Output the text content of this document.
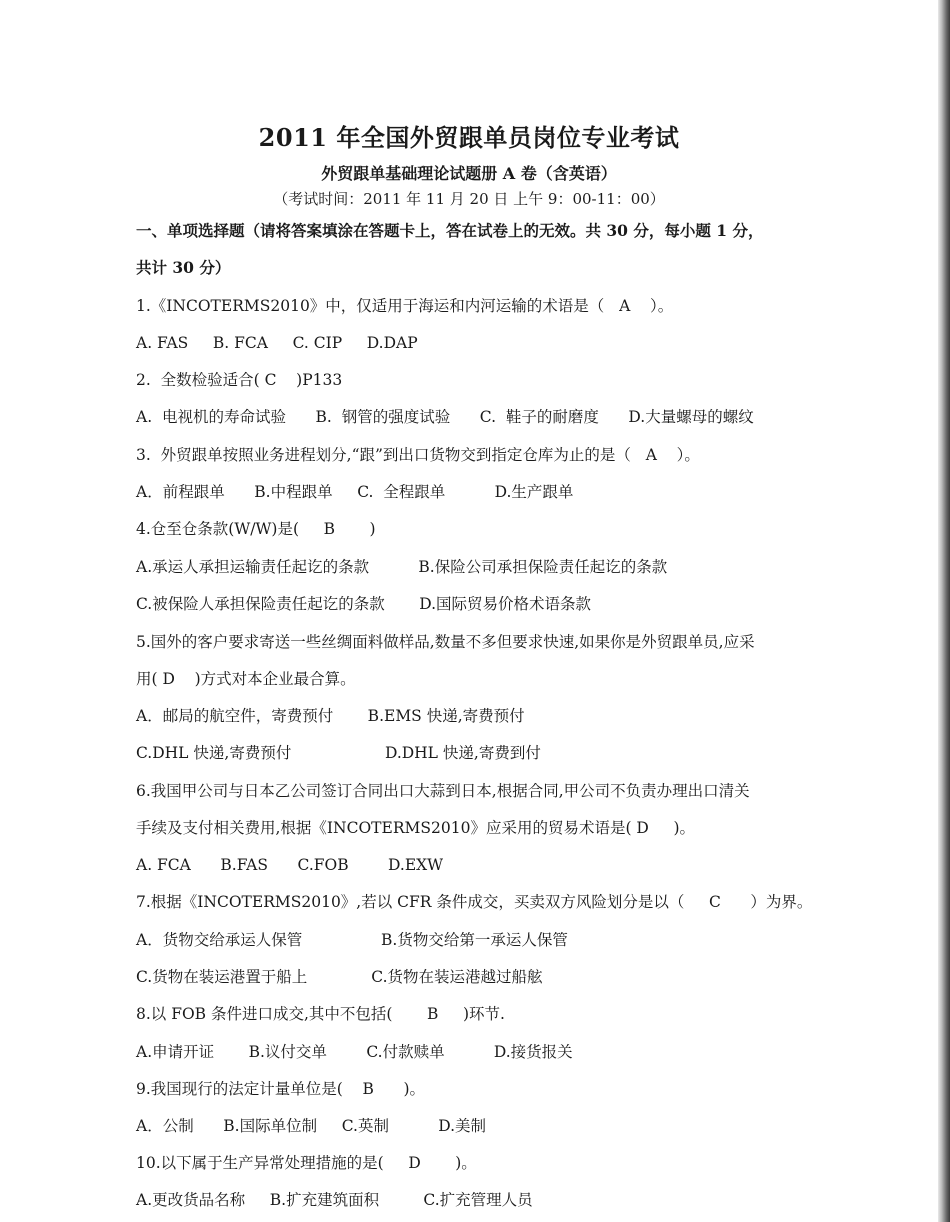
2011 年全国外贸跟单员岗位专业考试
外贸跟单基础理论试题册 A 卷（含英语）
（考试时间：2011 年 11 月 20 日 上午 9：00-11：00）
一、单项选择题（请将答案填涂在答题卡上，答在试卷上的无效。共 30 分，每小题 1 分，
共计 30 分）
1.《INCOTERMS2010》中，仅适用于海运和内河运输的术语是（   A    ）。
A. FAS     B. FCA     C. CIP     D.DAP
2.  全数检验适合( C    )P133
A.  电视机的寿命试验      B.  钢管的强度试验      C.  鞋子的耐磨度      D.大量螺母的螺纹
3.  外贸跟单按照业务进程划分,“跟”到出口货物交到指定仓库为止的是（   A    ）。
A．前程跟单      B.中程跟单     C.  全程跟单          D.生产跟单
4.仓至仓条款(W/W)是(     B       )
A.承运人承担运输责任起讫的条款          B.保险公司承担保险责任起讫的条款
C.被保险人承担保险责任起讫的条款       D.国际贸易价格术语条款
5.国外的客户要求寄送一些丝绸面料做样品,数量不多但要求快速,如果你是外贸跟单员,应采
用( D    )方式对本企业最合算。
A．邮局的航空件，寄费预付       B.EMS 快递,寄费预付
C.DHL 快递,寄费预付                   D.DHL 快递,寄费到付
6.我国甲公司与日本乙公司签订合同出口大蒜到日本,根据合同,甲公司不负责办理出口清关
手续及支付相关费用,根据《INCOTERMS2010》应采用的贸易术语是( D     )。
A. FCA      B.FAS      C.FOB        D.EXW
7.根据《INCOTERMS2010》,若以 CFR 条件成交，买卖双方风险划分是以（     C      ）为界。
A．货物交给承运人保管                B.货物交给第一承运人保管
C.货物在装运港置于船上             C.货物在装运港越过船舷
8.以 FOB 条件进口成交,其中不包括(       B     )环节.
A.申请开证       B.议付交单        C.付款赎单          D.接货报关
9.我国现行的法定计量单位是(    B      )。
A．公制      B.国际单位制     C.英制          D.美制
10.以下属于生产异常处理措施的是(     D       )。
A.更改货品名称     B.扩充建筑面积         C.扩充管理人员
